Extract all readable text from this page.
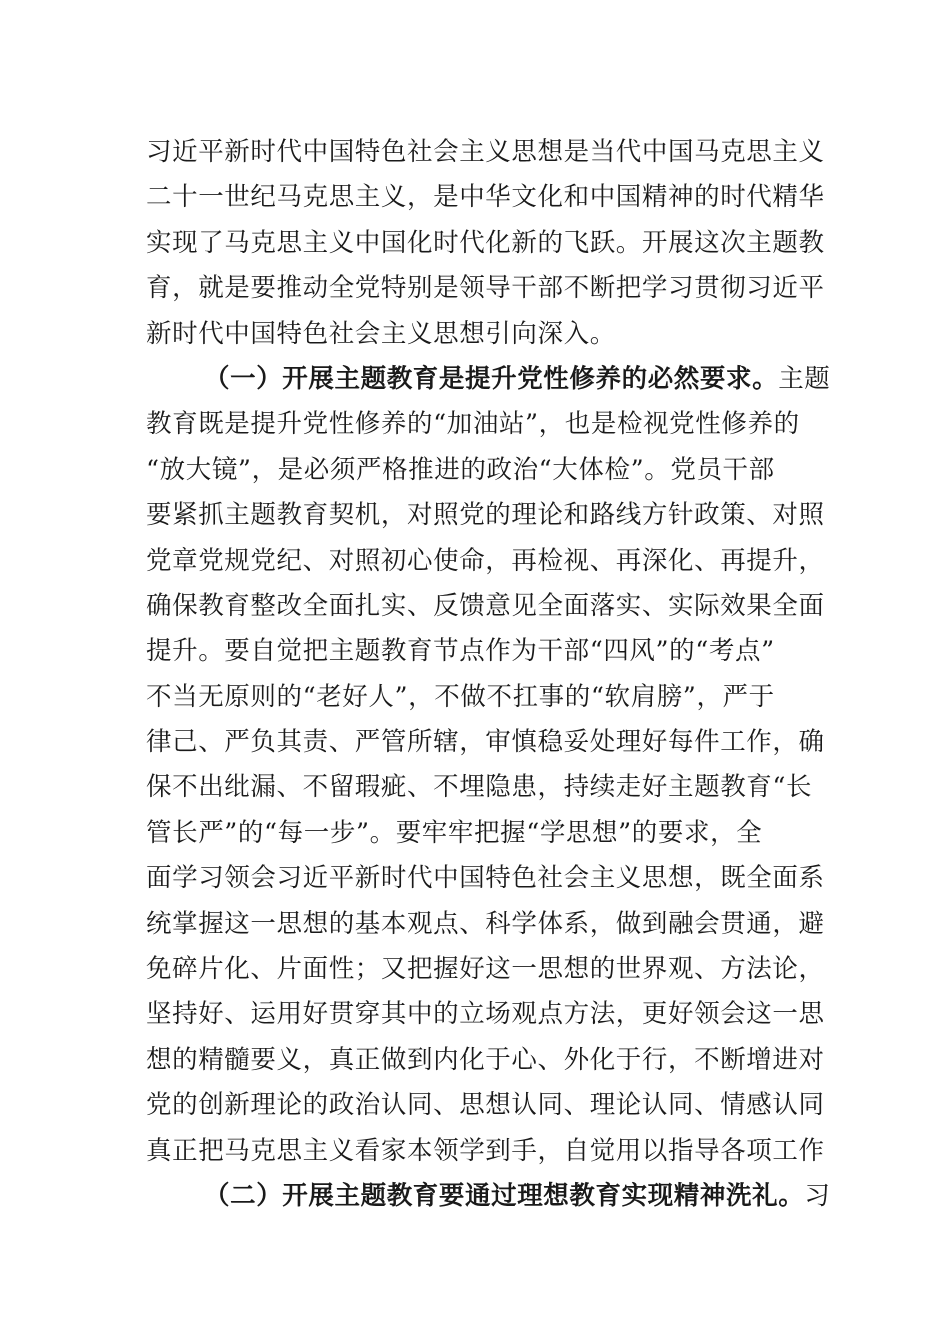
习近平新时代中国特色社会主义思想是当代中国马克思主义
二十一世纪马克思主义，是中华文化和中国精神的时代精华
实现了马克思主义中国化时代化新的飞跃。开展这次主题教
育，就是要推动全党特别是领导干部不断把学习贯彻习近平
新时代中国特色社会主义思想引向深入。
（一）开展主题教育是提升党性修养的必然要求。主题
教育既是提升党性修养的“加油站”，也是检视党性修养的
“放大镜”，是必须严格推进的政治“大体检”。党员干部
要紧抓主题教育契机，对照党的理论和路线方针政策、对照
党章党规党纪、对照初心使命，再检视、再深化、再提升，
确保教育整改全面扎实、反馈意见全面落实、实际效果全面
提升。要自觉把主题教育节点作为干部“四风”的“考点”
不当无原则的“老好人”，不做不扛事的“软肩膀”，严于
律己、严负其责、严管所辖，审慎稳妥处理好每件工作，确
保不出纰漏、不留瑕疵、不埋隐患，持续走好主题教育“长
管长严”的“每一步”。要牢牢把握“学思想”的要求，全
面学习领会习近平新时代中国特色社会主义思想，既全面系
统掌握这一思想的基本观点、科学体系，做到融会贯通，避
免碎片化、片面性；又把握好这一思想的世界观、方法论，
坚持好、运用好贯穿其中的立场观点方法，更好领会这一思
想的精髓要义，真正做到内化于心、外化于行，不断增进对
党的创新理论的政治认同、思想认同、理论认同、情感认同
真正把马克思主义看家本领学到手，自觉用以指导各项工作
（二）开展主题教育要通过理想教育实现精神洗礼。习
